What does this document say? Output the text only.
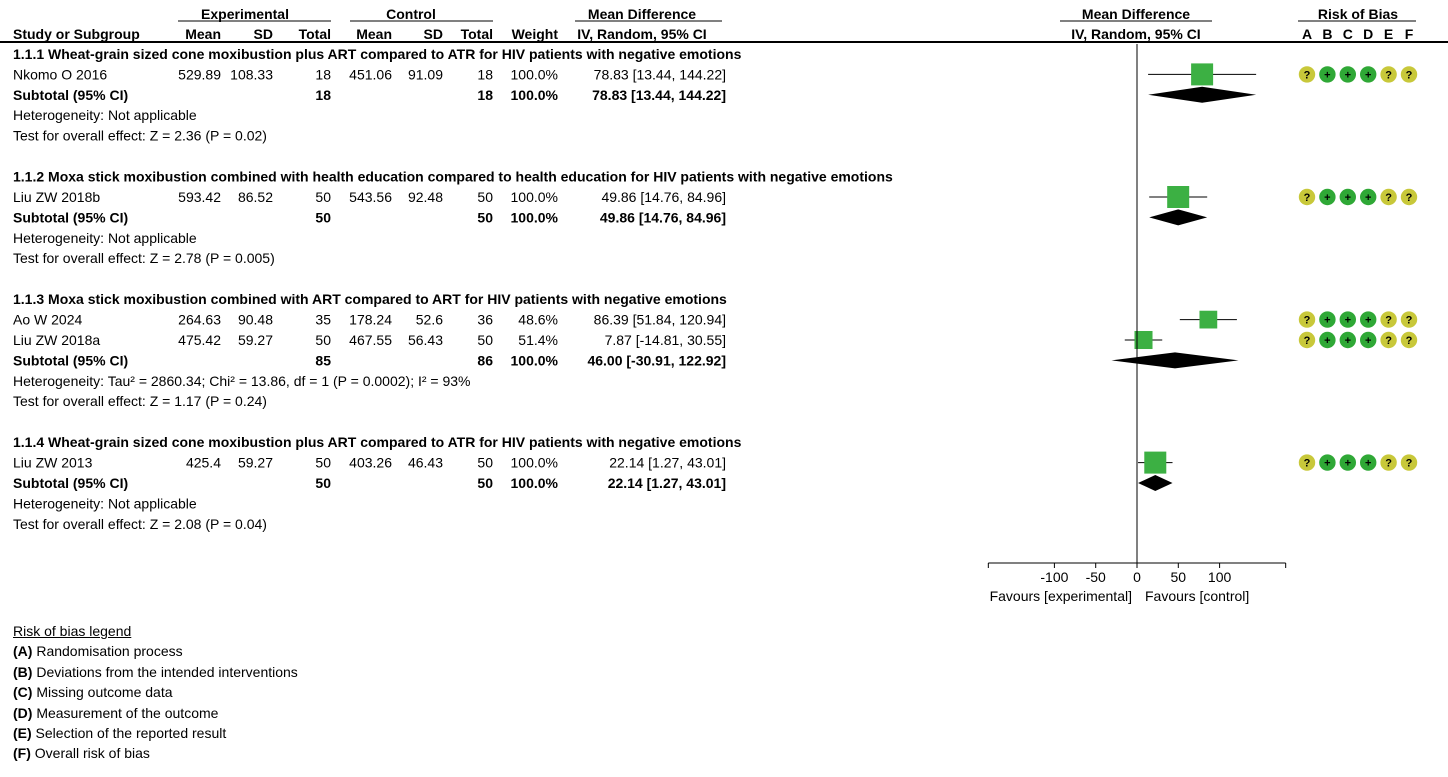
Experimental	Control	Mean Difference	Mean Difference	Risk of Bias
Study or Subgroup	Mean SD Total Mean SD Total Weight IV, Random, 95% CI	IV, Random, 95% CI	A B C D E F
1.1.1 Wheat-grain sized cone moxibustion plus ART compared to ATR for HIV patients with negative emotions
Nkomo O 2016	529.89 108.33	18 451.06 91.09 18 100.0%	78.83 [13.44, 144.22]
Subtotal (95% CI)	18	18 100.0% 78.83 [13.44, 144.22]
Heterogeneity: Not applicable
Test for overall effect: Z = 2.36 (P = 0.02)
1.1.2 Moxa stick moxibustion combined with health education compared to health education for HIV patients with negative emotions
Liu ZW 2018b	593.42 86.52	50 543.56 92.48 50 100.0%	49.86 [14.76, 84.96]
Subtotal (95% CI)	50	50 100.0%	49.86 [14.76, 84.96]
Heterogeneity: Not applicable
Test for overall effect: Z = 2.78 (P = 0.005)
1.1.3 Moxa stick moxibustion combined with ART compared to ART for HIV patients with negative emotions
Ao W 2024	264.63 90.48	35 178.24 52.6 36 48.6%	86.39 [51.84, 120.94]
Liu ZW 2018a	475.42 59.27	50 467.55 56.43 50 51.4%	7.87 [-14.81, 30.55]
Subtotal (95% CI)	85	86 100.0% 46.00 [-30.91, 122.92]
Heterogeneity: Tau² = 2860.34; Chi² = 13.86, df = 1 (P = 0.0002); I² = 93%
Test for overall effect: Z = 1.17 (P = 0.24)
1.1.4 Wheat-grain sized cone moxibustion plus ART compared to ATR for HIV patients with negative emotions
Liu ZW 2013	425.4 59.27	50 403.26 46.43 50 100.0%	22.14 [1.27, 43.01]
Subtotal (95% CI)	50	50 100.0%	22.14 [1.27, 43.01]
Heterogeneity: Not applicable
Test for overall effect: Z = 2.08 (P = 0.04)
-100 -50 0 50 100
Favours [experimental] Favours [control]
? + + + ? ?
? + + + ? ?
? + + + ? ?
? + + + ? ?
? + + + ? ?
Risk of bias legend
(A) Randomisation process
(B) Deviations from the intended interventions
(C) Missing outcome data
(D) Measurement of the outcome
(E) Selection of the reported result
(F) Overall risk of bias
